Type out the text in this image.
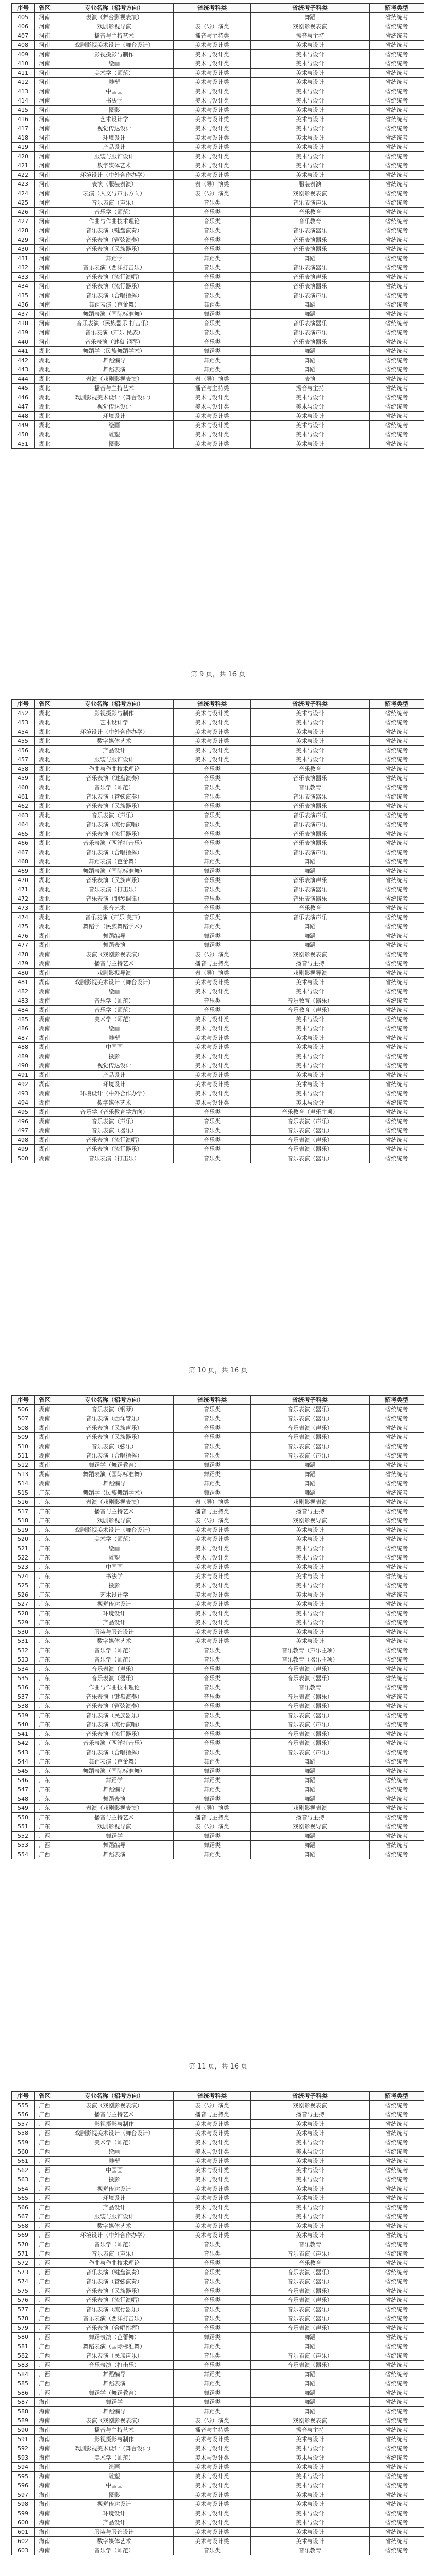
序号	省区	专业名称（招考方向）	省统考科类	省统考子科类	招考类型
405	河南	表演（舞台影视表演）		舞蹈	省统统考
406	河南	戏剧影视导演	表（导）演类	戏剧影视表演	省统统考
407	河南	播音与主持艺术	播音与主持类	播音与主持	省统统考
408	河南	戏剧影视美术设计（舞台设计）	美术与设计类	美术与设计	省统统考
409	河南	影视摄影与制作	美术与设计类	美术与设计	省统统考
410	河南	绘画	美术与设计类	美术与设计	省统统考
411	河南	美术学（师范）	美术与设计类	美术与设计	省统统考
412	河南	雕塑	美术与设计类	美术与设计	省统统考
413	河南	中国画	美术与设计类	美术与设计	省统统考
414	河南	书法学	美术与设计类	美术与设计	省统统考
415	河南	摄影	美术与设计类	美术与设计	省统统考
416	河南	艺术设计学	美术与设计类	美术与设计	省统统考
417	河南	视觉传达设计	美术与设计类	美术与设计	省统统考
418	河南	环境设计	美术与设计类	美术与设计	省统统考
419	河南	产品设计	美术与设计类	美术与设计	省统统考
420	河南	服装与服饰设计	美术与设计类	美术与设计	省统统考
421	河南	数字媒体艺术	美术与设计类	美术与设计	省统统考
422	河南	环境设计（中外合作办学）	美术与设计类	美术与设计	省统统考
423	河南	表演（服装表演）	表（导）演类	服装表演	省统统考
424	河南	表演（人文与声乐方向）	表（导）演类	戏剧影视表演	省统统考
425	河南	音乐表演（声乐）	音乐类	音乐表演声乐	省统统考
426	河南	音乐学（师范）	音乐类	音乐教育	省统统考
427	河南	作曲与作曲技术理论	音乐类	音乐教育	省统统考
428	河南	音乐表演（键盘演奏）	音乐类	音乐表演器乐	省统统考
429	河南	音乐表演（管弦演奏）	音乐类	音乐表演器乐	省统统考
430	河南	音乐表演（民族器乐）	音乐类	音乐表演器乐	省统统考
431	河南	舞蹈学	舞蹈类	舞蹈	省统统考
432	河南	音乐表演（西洋打击乐）	音乐类	音乐表演器乐	省统统考
433	河南	音乐表演（流行演唱）	音乐类	音乐表演声乐	省统统考
434	河南	音乐表演（流行器乐）	音乐类	音乐表演器乐	省统统考
435	河南	音乐表演（合唱指挥）	音乐类	音乐表演声乐	省统统考
436	河南	舞蹈表演（芭蕾舞）	舞蹈类	舞蹈	省统统考
437	河南	舞蹈表演（国际标准舞）	舞蹈类	舞蹈	省统统考
438	河南	音乐表演（民族器乐 打击乐）	音乐类	音乐表演器乐	省统统考
439	河南	音乐表演（声乐 民族）	音乐类	音乐表演声乐	省统统考
440	河南	音乐表演（键盘 钢琴）	音乐类	音乐表演器乐	省统统考
441	湖北	舞蹈学（民族舞蹈学术）	舞蹈类	舞蹈	省统统考
442	湖北	舞蹈编导	舞蹈类	舞蹈	省统统考
443	湖北	舞蹈表演	舞蹈类	舞蹈	省统统考
444	湖北	表演（戏剧影视表演）	表（导）演类	表演	省统统考
445	湖北	播音与主持艺术	播音与主持类	播音与主持	省统统考
446	湖北	戏剧影视美术设计（舞台设计）	美术与设计类	美术与设计	省统统考
447	湖北	视觉传达设计	美术与设计类	美术与设计	省统统考
448	湖北	环境设计	美术与设计类	美术与设计	省统统考
449	湖北	绘画	美术与设计类	美术与设计	省统统考
450	湖北	雕塑	美术与设计类	美术与设计	省统统考
451	湖北	摄影	美术与设计类	美术与设计	省统统考
第 9 页，共 16 页
序号	省区	专业名称（招考方向）	省统考科类	省统考子科类	招考类型
452	湖北	影视摄影与制作	美术与设计类	美术与设计	省统统考
453	湖北	艺术设计学	美术与设计类	美术与设计	省统统考
454	湖北	环境设计（中外合作办学）	美术与设计类	美术与设计	省统统考
455	湖北	数字媒体艺术	美术与设计类	美术与设计	省统统考
456	湖北	产品设计	美术与设计类	美术与设计	省统统考
457	湖北	服装与服饰设计	美术与设计类	美术与设计	省统统考
458	湖北	作曲与作曲技术理论	音乐类	音乐教育	省统统考
459	湖北	音乐表演（键盘演奏）	音乐类	音乐表演器乐	省统统考
460	湖北	音乐学（师范）	音乐类	音乐教育	省统统考
461	湖北	音乐表演（管弦演奏）	音乐类	音乐表演器乐	省统统考
462	湖北	音乐表演（民族器乐）	音乐类	音乐表演器乐	省统统考
463	湖北	音乐表演（声乐）	音乐类	音乐表演声乐	省统统考
464	湖北	音乐表演（流行演唱）	音乐类	音乐表演声乐	省统统考
465	湖北	音乐表演（流行器乐）	音乐类	音乐表演器乐	省统统考
466	湖北	音乐表演（西洋打击乐）	音乐类	音乐表演器乐	省统统考
467	湖北	音乐表演（合唱指挥）	音乐类	音乐表演声乐	省统统考
468	湖北	舞蹈表演（芭蕾舞）	舞蹈类	舞蹈	省统统考
469	湖北	舞蹈表演（国际标准舞）	舞蹈类	舞蹈	省统统考
470	湖北	音乐表演（民族声乐）	音乐类	音乐表演声乐	省统统考
471	湖北	音乐表演（打击乐）	音乐类	音乐表演器乐	省统统考
472	湖北	音乐表演（钢琴调律）	音乐类	音乐表演器乐	省统统考
473	湖北	录音艺术	音乐类	音乐教育	省统统考
474	湖北	音乐表演（声乐 美声）	音乐类	音乐表演声乐	省统统考
475	湖北	舞蹈学（民族舞蹈学术）	舞蹈类	舞蹈	省统统考
476	湖南	舞蹈编导	舞蹈类	舞蹈	省统统考
477	湖南	舞蹈表演	舞蹈类	舞蹈	省统统考
478	湖南	表演（戏剧影视表演）	表（导）演类	戏剧影视表演	省统统考
479	湖南	播音与主持艺术	播音与主持类	播音与主持	省统统考
480	湖南	戏剧影视导演	表（导）演类	戏剧影视导演	省统统考
481	湖南	戏剧影视美术设计（舞台设计）	美术与设计类	美术与设计	省统统考
482	湖南	绘画	美术与设计类	美术与设计	省统统考
483	湖南	音乐学（师范）	音乐类	音乐教育（器乐）	省统统考
484	湖南	音乐学（师范）	音乐类	音乐教育（声乐）	省统统考
485	湖南	美术学（师范）	美术与设计类	美术与设计	省统统考
486	湖南	绘画	美术与设计类	美术与设计	省统统考
487	湖南	雕塑	美术与设计类	美术与设计	省统统考
488	湖南	中国画	美术与设计类	美术与设计	省统统考
489	湖南	摄影	美术与设计类	美术与设计	省统统考
490	湖南	视觉传达设计	美术与设计类	美术与设计	省统统考
491	湖南	产品设计	美术与设计类	美术与设计	省统统考
492	湖南	环境设计	美术与设计类	美术与设计	省统统考
493	湖南	环境设计（中外合作办学）	美术与设计类	美术与设计	省统统考
494	湖南	数字媒体艺术	美术与设计类	美术与设计	省统统考
495	湖南	音乐学（音乐教育学方向）	音乐类	音乐教育（声乐主项）	省统统考
496	湖南	音乐表演（声乐）	音乐类	音乐表演（声乐）	省统统考
497	湖南	音乐表演（器乐）	音乐类	音乐表演（器乐）	省统统考
498	湖南	音乐表演（流行演唱）	音乐类	音乐表演（声乐）	省统统考
499	湖南	音乐表演（流行器乐）	音乐类	音乐表演（器乐）	省统统考
500	湖南	音乐表演（打击乐）	音乐类	音乐表演（器乐）	省统统考
第 10 页，共 16 页
序号	省区	专业名称（招考方向）	省统考科类	省统考子科类	招考类型
506	湖南	音乐表演（钢琴）	音乐类	音乐表演（器乐）	省统统考
507	湖南	音乐表演（西洋管乐）	音乐类	音乐表演（器乐）	省统统考
508	湖南	音乐表演（民族声乐）	音乐类	音乐表演（声乐）	省统统考
509	湖南	音乐表演（民族器乐）	音乐类	音乐表演（器乐）	省统统考
510	湖南	音乐表演（弦乐）	音乐类	音乐表演（器乐）	省统统考
511	湖南	音乐表演（合唱指挥）	音乐类	音乐表演（声乐）	省统统考
512	湖南	舞蹈学（舞蹈教育）	舞蹈类	舞蹈	省统统考
513	湖南	舞蹈表演（国际标准舞）	舞蹈类	舞蹈	省统统考
514	湖南	舞蹈编导	舞蹈类	舞蹈	省统统考
515	广东	舞蹈学（民族舞蹈学术）	舞蹈类	舞蹈	省统统考
516	广东	表演（戏剧影视表演）	表（导）演类	戏剧影视表演	省统统考
517	广东	播音与主持艺术	播音与主持类	播音与主持	省统统考
518	广东	戏剧影视导演	表（导）演类	戏剧影视导演	省统统考
519	广东	戏剧影视美术设计（舞台设计）	美术与设计类	美术与设计	省统统考
520	广东	美术学（师范）	美术与设计类	美术与设计	省统统考
521	广东	绘画	美术与设计类	美术与设计	省统统考
522	广东	雕塑	美术与设计类	美术与设计	省统统考
523	广东	中国画	美术与设计类	美术与设计	省统统考
524	广东	书法学	美术与设计类	美术与设计	省统统考
525	广东	摄影	美术与设计类	美术与设计	省统统考
526	广东	艺术设计学	美术与设计类	美术与设计	省统统考
527	广东	视觉传达设计	美术与设计类	美术与设计	省统统考
528	广东	环境设计	美术与设计类	美术与设计	省统统考
529	广东	产品设计	美术与设计类	美术与设计	省统统考
530	广东	服装与服饰设计	美术与设计类	美术与设计	省统统考
531	广东	数字媒体艺术	美术与设计类	美术与设计	省统统考
532	广东	音乐学（师范）	音乐类	音乐教育（声乐主项）	省统统考
533	广东	音乐学（师范）	音乐类	音乐教育（器乐主项）	省统统考
534	广东	音乐表演（声乐）	音乐类	音乐表演（声乐）	省统统考
535	广东	音乐表演（器乐）	音乐类	音乐表演（器乐）	省统统考
536	广东	作曲与作曲技术理论	音乐类	音乐教育	省统统考
537	广东	音乐表演（键盘演奏）	音乐类	音乐表演（器乐）	省统统考
538	广东	音乐表演（管弦演奏）	音乐类	音乐表演（器乐）	省统统考
539	广东	音乐表演（民族器乐）	音乐类	音乐表演（器乐）	省统统考
540	广东	音乐表演（流行演唱）	音乐类	音乐表演（声乐）	省统统考
541	广东	音乐表演（流行器乐）	音乐类	音乐表演（器乐）	省统统考
542	广东	音乐表演（西洋打击乐）	音乐类	音乐表演（器乐）	省统统考
543	广东	音乐表演（合唱指挥）	音乐类	音乐表演（声乐）	省统统考
544	广东	舞蹈表演（芭蕾舞）	舞蹈类	舞蹈	省统统考
545	广东	舞蹈表演（国际标准舞）	舞蹈类	舞蹈	省统统考
546	广东	舞蹈学	舞蹈类	舞蹈	省统统考
547	广东	舞蹈编导	舞蹈类	舞蹈	省统统考
548	广东	舞蹈表演	舞蹈类	舞蹈	省统统考
549	广东	表演（戏剧影视表演）	表（导）演类	戏剧影视表演	省统统考
550	广东	播音与主持艺术	播音与主持类	播音与主持	省统统考
551	广东	戏剧影视导演	表（导）演类	戏剧影视导演	省统统考
552	广西	舞蹈学	舞蹈类	舞蹈	省统统考
553	广西	舞蹈编导	舞蹈类	舞蹈	省统统考
554	广西	舞蹈表演	舞蹈类	舞蹈	省统统考
第 11 页，共 16 页
序号	省区	专业名称（招考方向）	省统考科类	省统考子科类	招考类型
555	广西	表演（戏剧影视表演）	表（导）演类	戏剧影视表演	省统统考
556	广西	播音与主持艺术	播音与主持类	播音与主持	省统统考
557	广西	影视摄影与制作	美术与设计类	美术与设计	省统统考
558	广西	戏剧影视美术设计（舞台设计）	美术与设计类	美术与设计	省统统考
559	广西	美术学（师范）	美术与设计类	美术与设计	省统统考
560	广西	绘画	美术与设计类	美术与设计	省统统考
561	广西	雕塑	美术与设计类	美术与设计	省统统考
562	广西	中国画	美术与设计类	美术与设计	省统统考
563	广西	摄影	美术与设计类	美术与设计	省统统考
564	广西	视觉传达设计	美术与设计类	美术与设计	省统统考
565	广西	环境设计	美术与设计类	美术与设计	省统统考
566	广西	产品设计	美术与设计类	美术与设计	省统统考
567	广西	服装与服饰设计	美术与设计类	美术与设计	省统统考
568	广西	数字媒体艺术	美术与设计类	美术与设计	省统统考
569	广西	环境设计（中外合作办学）	美术与设计类	美术与设计	省统统考
570	广西	音乐学（师范）	音乐类	音乐教育	省统统考
571	广西	音乐表演（声乐）	音乐类	音乐表演（声乐）	省统统考
572	广西	作曲与作曲技术理论	音乐类	音乐教育	省统统考
573	广西	音乐表演（键盘演奏）	音乐类	音乐表演（器乐）	省统统考
574	广西	音乐表演（管弦演奏）	音乐类	音乐表演（器乐）	省统统考
575	广西	音乐表演（民族器乐）	音乐类	音乐表演（器乐）	省统统考
576	广西	音乐表演（流行演唱）	音乐类	音乐表演（声乐）	省统统考
577	广西	音乐表演（流行器乐）	音乐类	音乐表演（器乐）	省统统考
578	广西	音乐表演（西洋打击乐）	音乐类	音乐表演（器乐）	省统统考
579	广西	音乐表演（合唱指挥）	音乐类	音乐表演（声乐）	省统统考
580	广西	舞蹈表演（芭蕾舞）	舞蹈类	舞蹈	省统统考
581	广西	舞蹈表演（国际标准舞）	舞蹈类	舞蹈	省统统考
582	广西	音乐表演（民族声乐）	音乐类	音乐表演（声乐）	省统统考
583	广西	音乐表演（打击乐）	音乐类	音乐表演（器乐）	省统统考
584	广西	舞蹈编导	舞蹈类	舞蹈	省统统考
585	广西	舞蹈表演	舞蹈类	舞蹈	省统统考
586	广西	舞蹈学（舞蹈教育）	舞蹈类	舞蹈	省统统考
587	海南	舞蹈学	舞蹈类	舞蹈	省统统考
588	海南	舞蹈编导	舞蹈类	舞蹈	省统统考
589	海南	表演（戏剧影视表演）	表（导）演类	戏剧影视表演	省统统考
590	海南	播音与主持艺术	播音与主持类	播音与主持	省统统考
591	海南	影视摄影与制作	美术与设计类	美术与设计	省统统考
592	海南	戏剧影视美术设计（舞台设计）	美术与设计类	美术与设计	省统统考
593	海南	美术学（师范）	美术与设计类	美术与设计	省统统考
594	海南	绘画	美术与设计类	美术与设计	省统统考
595	海南	雕塑	美术与设计类	美术与设计	省统统考
596	海南	中国画	美术与设计类	美术与设计	省统统考
597	海南	摄影	美术与设计类	美术与设计	省统统考
598	海南	视觉传达设计	美术与设计类	美术与设计	省统统考
599	海南	环境设计	美术与设计类	美术与设计	省统统考
600	海南	产品设计	美术与设计类	美术与设计	省统统考
601	海南	服装与服饰设计	美术与设计类	美术与设计	省统统考
602	海南	数字媒体艺术	美术与设计类	美术与设计	省统统考
603	海南	音乐学（师范）	音乐类	音乐教育	省统统考
